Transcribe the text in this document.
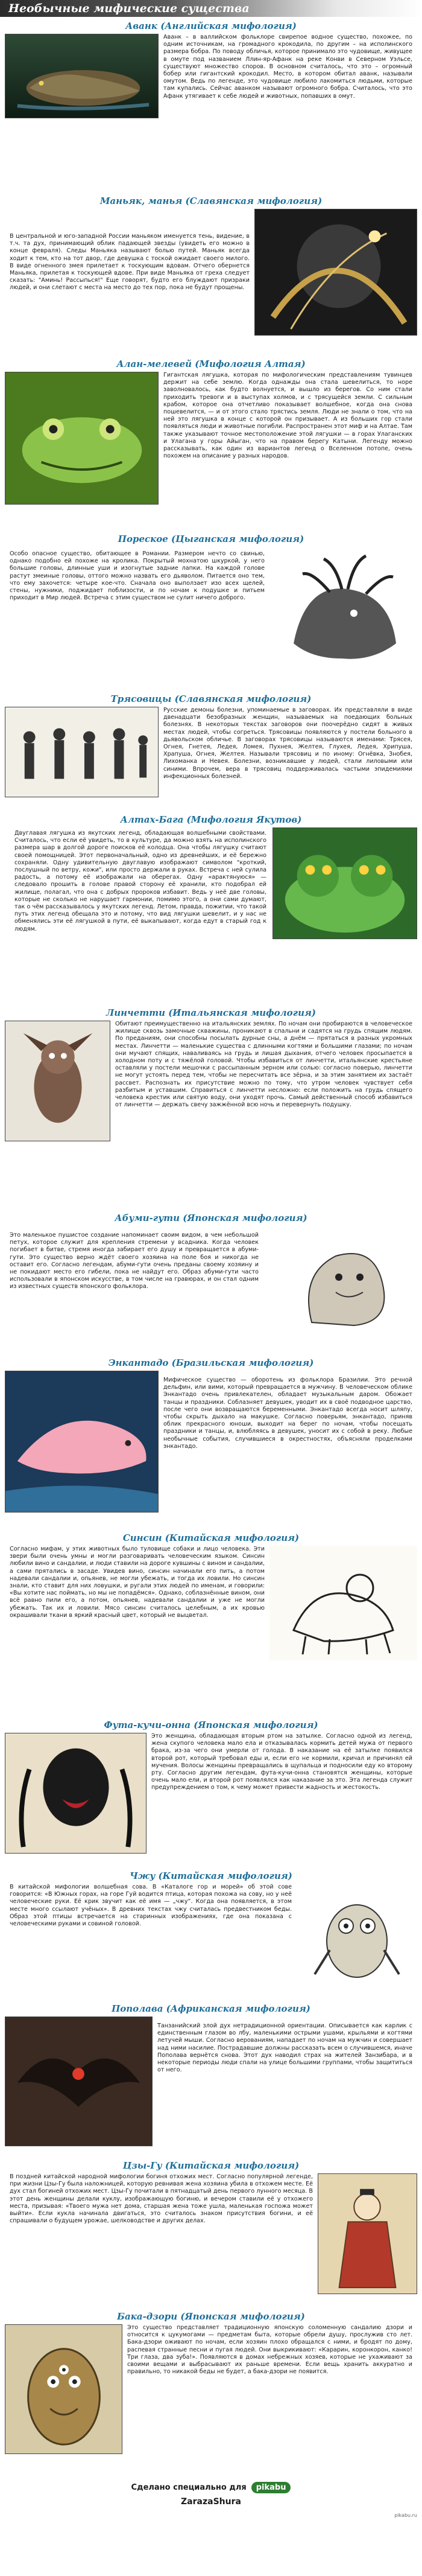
Необычные мифические существа
Аванк (Английская мифология)
Аванк – в валлийском фольклоре свирепое водное существо, похожее, по одним источникам, на громадного крокодила, по другим – на исполинского размера бобра. По поводу обличья, которое принимало это чудовище, живущее в омуте под названием Ллин-яр-Афанк на реке Конви в Северном Уэльсе, существуют множество споров. В основном считалось, что это – огромный бобер или гигантский крокодил. Место, в котором обитал аванк, называли омутом. Ведь по легенде, это чудовище любило лакомиться людьми, которые там купались. Сейчас аванком называют огромного бобра. Считалось, что это Афанк утягивает к себе людей и животных, попавших в омут.
Маньяк, манья (Славянская мифология)
В центральной и юго-западной России маньяком именуется тень, видение, в т.ч. та дух, принимающий облик падающей звезды (увидеть его можно в конце февраля). Следы Маньяка называют болью путей. Маньяк всегда ходит к тем, кто на тот двор, где девушка с тоской ожидает своего милого. В виде огненного змея прилетает к тоскующим вдовам. Отчего обернется Маньяка, прилетая к тоскующей вдове. При виде Маньяка от греха следует сказать: "Аминь! Рассыпься!" Еще говорят, будто его блуждают призраки людей, и они слетают с места на место до тех пор, пока не будут прощены.
Алан-мелевей (Мифология Алтая)
Гигантская лягушка, которая по мифологическим представлениям тувинцев держит на себе землю. Когда однажды она стала шевелиться, то норе заволновалось, как будто волнуется, и вышло из берегов. Со ним стали приходить тревоги и в выступах холмов, и с трясущейся земли. С сильным крабом, которое она отчетливо показывает волшебное, когда она снова пошевелится, — и от этого стало трястись земля. Люди не знали о том, что на ней это лягушка в конце с которой он призывает. А из больших гор стали появляться люди и животные погибли. Распространен этот миф и на Алтае. Там также указывают точное местоположение этой лягушки — в горах Улаганских и Улагана у горы Айыган, что на правом берегу Катыни. Легенду можно рассказывать, как один из вариантов легенд о Вселенном потопе, очень похожем на описание у разных народов.
Пореское (Цыганская мифология)
Особо опасное существо, обитающее в Романии. Размером нечто со свинью, однако подобно ей похоже на кролика. Покрытый мохнатою шкуркой, у него большие головы, длинные уши и изогнутые задние лапки. На каждой голове растут змеиные головы, оттого можно назвать его дьяволом. Питается оно тем, что ему захочется: четыре кое-что. Сначала оно выползает изо всех щелей, стены, нужники, поджидает поблизости, и по ночам к подушке и питьем приходит в Мир людей. Встреча с этим существом не сулит ничего доброго.
Трясовицы (Славянская мифология)
Русские демоны болезни, упоминаемые в заговорах. Их представляли в виде двенадцати безобразных женщин, называемых на поедающих больных болезнях. В некоторых текстах заговоров они поочерёдно сидят в живых местах людей, чтобы согреться. Трясовицы появляются у постели больного в дьявольском обличье. В заговорах трясовицы называются именами: Трясея, Огнея, Гнетея, Ледея, Ломея, Пухнея, Желтея, Глухея, Ледея, Хрипуша, Храпуша, Огнея, Желтея. Называли трясовиц и по иному: Огнёвка, Знобея, Лихоманка и Невея. Болезни, возникавшие у людей, стали лиловыми или синими. Впрочем, вера в трясовиц поддерживалась частыми эпидемиями инфекционных болезней.
Алтах-Бага (Мифология Якутов)
Двуглавая лягушка из якутских легенд, обладающая волшебными свойствами. Считалось, что если её увидеть, то в культуре, да можно взять на исполинского размера шар в долгой дороге поисков её колодца. Она чтобы лягушку считают своей помощницей. Этот первоначальный, одно из древнейших, и её бережно сохраняли. Одну удивительную двуглавую изображают символом "кроткий, послушный по ветру, кожи", или просто держали в руках. Встреча с ней сулила радость, а потому её изображали на оберегах. Одну «арактянуюся» — следовало прошить в голове правой сторону её хранили, кто подобрал ей жилище, полагал, что она с добрых пророков избавит. Ведь у неё две головы, которые не сколько не нарушает гармонии, помимо этого, а они сами думают, так о чём рассказывалось у якутских легенд. Летом, правда, пожитии, что такой путь этих легенд обещала это и потому, что вид лягушки шевелит, и у нас не обменялись эти её лягушкой в пути, её выкапывают, когда едут в старый год к людям.
Линчетти (Итальянская мифология)
Обитают преимущественно на итальянских землях. По ночам они пробираются в человеческое жилище сквозь замочные скважины, проникают в спальни и садятся на грудь спящим людям. По преданиям, они способны посылать дурные сны, а днём — прятаться в разных укромных местах. Линчетти — маленькие существа с длинными когтями и большими глазами; по ночам они мучают спящих, наваливаясь на грудь и лишая дыхания, отчего человек просыпается в холодном поту и с тяжёлой головой. Чтобы избавиться от линчетти, итальянские крестьяне оставляли у постели мешочки с рассыпанным зерном или солью: согласно поверью, линчетти не могут устоять перед тем, чтобы не пересчитать все зёрна, и за этим занятием их застаёт рассвет. Распознать их присутствие можно по тому, что утром человек чувствует себя разбитым и уставшим. Справиться с линчетти несложно: если положить на грудь спящего человека крестик или святую воду, они уходят прочь. Самый действенный способ избавиться от линчетти — держать свечу зажжённой всю ночь и перевернуть подушку.
Абуми-гути (Японская мифология)
Это маленькое пушистое создание напоминает своим видом, в чем небольшой петух, которое служит для крепления стремени у всадника. Когда человек погибает в битве, стремя иногда забирает его душу и превращается в абуми-гути. Это существо верно ждёт своего хозяина на поле боя и никогда не оставит его. Согласно легендам, абуми-гути очень преданы своему хозяину и не покидают место его гибели, пока не найдут его. Образ абуми-гути часто использовали в японском искусстве, в том числе на гравюрах, и он стал одним из известных существ японского фольклора.
Энкантадо (Бразильская мифология)
Мифическое существо — оборотень из фольклора Бразилии. Это речной дельфин, или вими, который превращается в мужчину. В человеческом облике Энкантадо очень привлекателен, обладает музыкальным даром. Обожает танцы и праздники. Соблазняет девушек, уводит их в своё подводное царство, после чего они возвращаются беременными. Энкантадо всегда носит шляпу, чтобы скрыть дыхало на макушке. Согласно поверьям, энкантадо, приняв облик прекрасного юноши, выходит на берег по ночам, чтобы посещать праздники и танцы, и, влюбляясь в девушек, уносит их с собой в реку. Любые необычные события, случившиеся в окрестностях, объясняли проделками энкантадо.
Синсин (Китайская мифология)
Согласно мифам, у этих животных было туловище собаки и лицо человека. Эти звери были очень умны и могли разговаривать человеческим языком. Синсин любили вино и сандалии, и люди ставили на дороге кувшины с вином и сандалии, а сами прятались в засаде. Увидев вино, синсин начинали его пить, а потом надевали сандалии и, опьянев, не могли убежать, и тогда их ловили. Но синсин знали, кто ставит для них ловушки, и ругали этих людей по именам, и говорили: «Вы хотите нас поймать, но мы не попадёмся». Однако, соблазнённые вином, они всё равно пили его, а потом, опьянев, надевали сандалии и уже не могли убежать. Так их и ловили. Мясо синсин считалось целебным, а их кровью окрашивали ткани в яркий красный цвет, который не выцветал.
Фута-кучи-онна (Японская мифология)
Это женщина, обладающая вторым ртом на затылке. Согласно одной из легенд, жена скупого человека мало ела и отказывалась кормить детей мужа от первого брака, из-за чего они умерли от голода. В наказание на её затылке появился второй рот, который требовал еды и, если его не кормили, кричал и причинял ей мучения. Волосы женщины превращались в щупальца и подносили еду ко второму рту. Согласно другим легендам, фута-кучи-онна становятся женщины, которые очень мало ели, и второй рот появлялся как наказание за это. Эта легенда служит предупреждением о том, к чему может привести жадность и жестокость.
Чжу (Китайская мифология)
В китайской мифологии волшебная сова. В «Каталоге гор и морей» об этой сове говорится: «В Южных горах, на горе Гуй водится птица, которая похожа на сову, но у неё человеческие руки. Её крик звучит как её имя — „чжу“. Когда она появляется, в этом месте много ссылают учёных». В древних текстах чжу считалась предвестником беды. Образ этой птицы встречается на старинных изображениях, где она показана с человеческими руками и совиной головой.
Пополава (Африканская мифология)
Танзанийский злой дух нетрадиционной ориентации. Описывается как карлик с единственным глазом во лбу, маленькими острыми ушами, крыльями и когтями летучей мыши. Согласно верованиям, нападает по ночам на мужчин и совершает над ними насилие. Пострадавшие должны рассказать всем о случившемся, иначе Пополава вернётся снова. Этот дух наводил страх на жителей Занзибара, и в некоторые периоды люди спали на улице большими группами, чтобы защититься от него.
Цзы-Гу (Китайская мифология)
В поздней китайской народной мифологии богиня отхожих мест. Согласно популярной легенде, при жизни Цзы-Гу была наложницей, которую ревнивая жена хозяина убила в отхожем месте. Её дух стал богиней отхожих мест. Цзы-Гу почитали в пятнадцатый день первого лунного месяца. В этот день женщины делали куклу, изображающую богиню, и вечером ставили её у отхожего места, призывая: «Твоего мужа нет дома, старшая жена тоже ушла, маленькая госпожа может выйти». Если кукла начинала двигаться, это считалось знаком присутствия богини, и её спрашивали о будущем урожае, шелководстве и других делах.
Бака-дзори (Японская мифология)
Это существо представляет традиционную японскую соломенную сандалию дзори и относится к цукумогами — предметам быта, которые обрели душу, прослужив сто лет. Бака-дзори оживают по ночам, если хозяин плохо обращался с ними, и бродят по дому, распевая странные песни и пугая людей. Они выкрикивают: «Карарин, коронкорон, канко! Три глаза, два зуба!». Появляются в домах небрежных хозяев, которые не ухаживают за своими вещами и выбрасывают их раньше времени. Если вещь хранить аккуратно и правильно, то никакой беды не будет, а бака-дзори не появится.
Сделано специально для	pikabu
ZarazaShura
pikabu.ru
